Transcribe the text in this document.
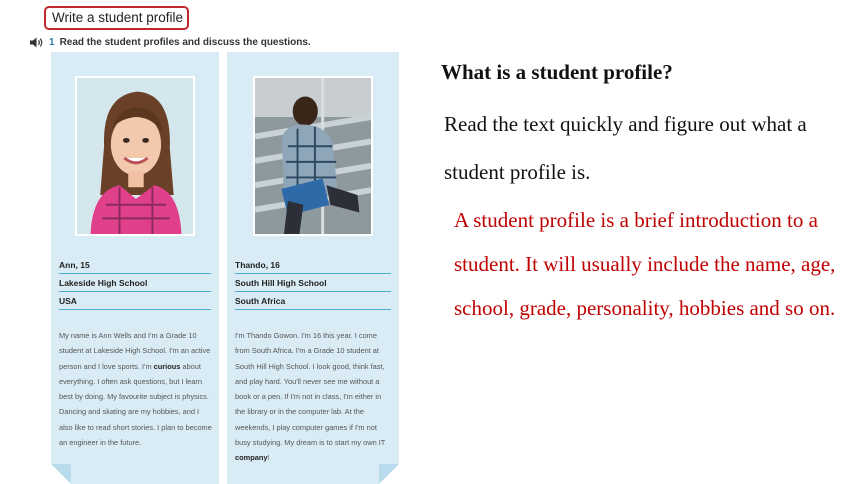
Write a student profile
1 Read the student profiles and discuss the questions.
Ann, 15
Lakeside High School
USA
My name is Ann Wells and I'm a Grade 10 student at Lakeside High School. I'm an active person and I love sports. I'm curious about everything. I often ask questions, but I learn best by doing. My favourite subject is physics. Dancing and skating are my hobbies, and I also like to read short stories. I plan to become an engineer in the future.
Thando, 16
South Hill High School
South Africa
I'm Thando Gowon. I'm 16 this year. I come from South Africa. I'm a Grade 10 student at South Hill High School. I look good, think fast, and play hard. You'll never see me without a book or a pen. If I'm not in class, I'm either in the library or in the computer lab. At the weekends, I play computer games if I'm not busy studying. My dream is to start my own IT company!
What is a student profile?
Read the text quickly and figure out what a student profile is.
A student profile is a brief introduction to a student. It will usually include the name, age, school, grade, personality, hobbies and so on.
